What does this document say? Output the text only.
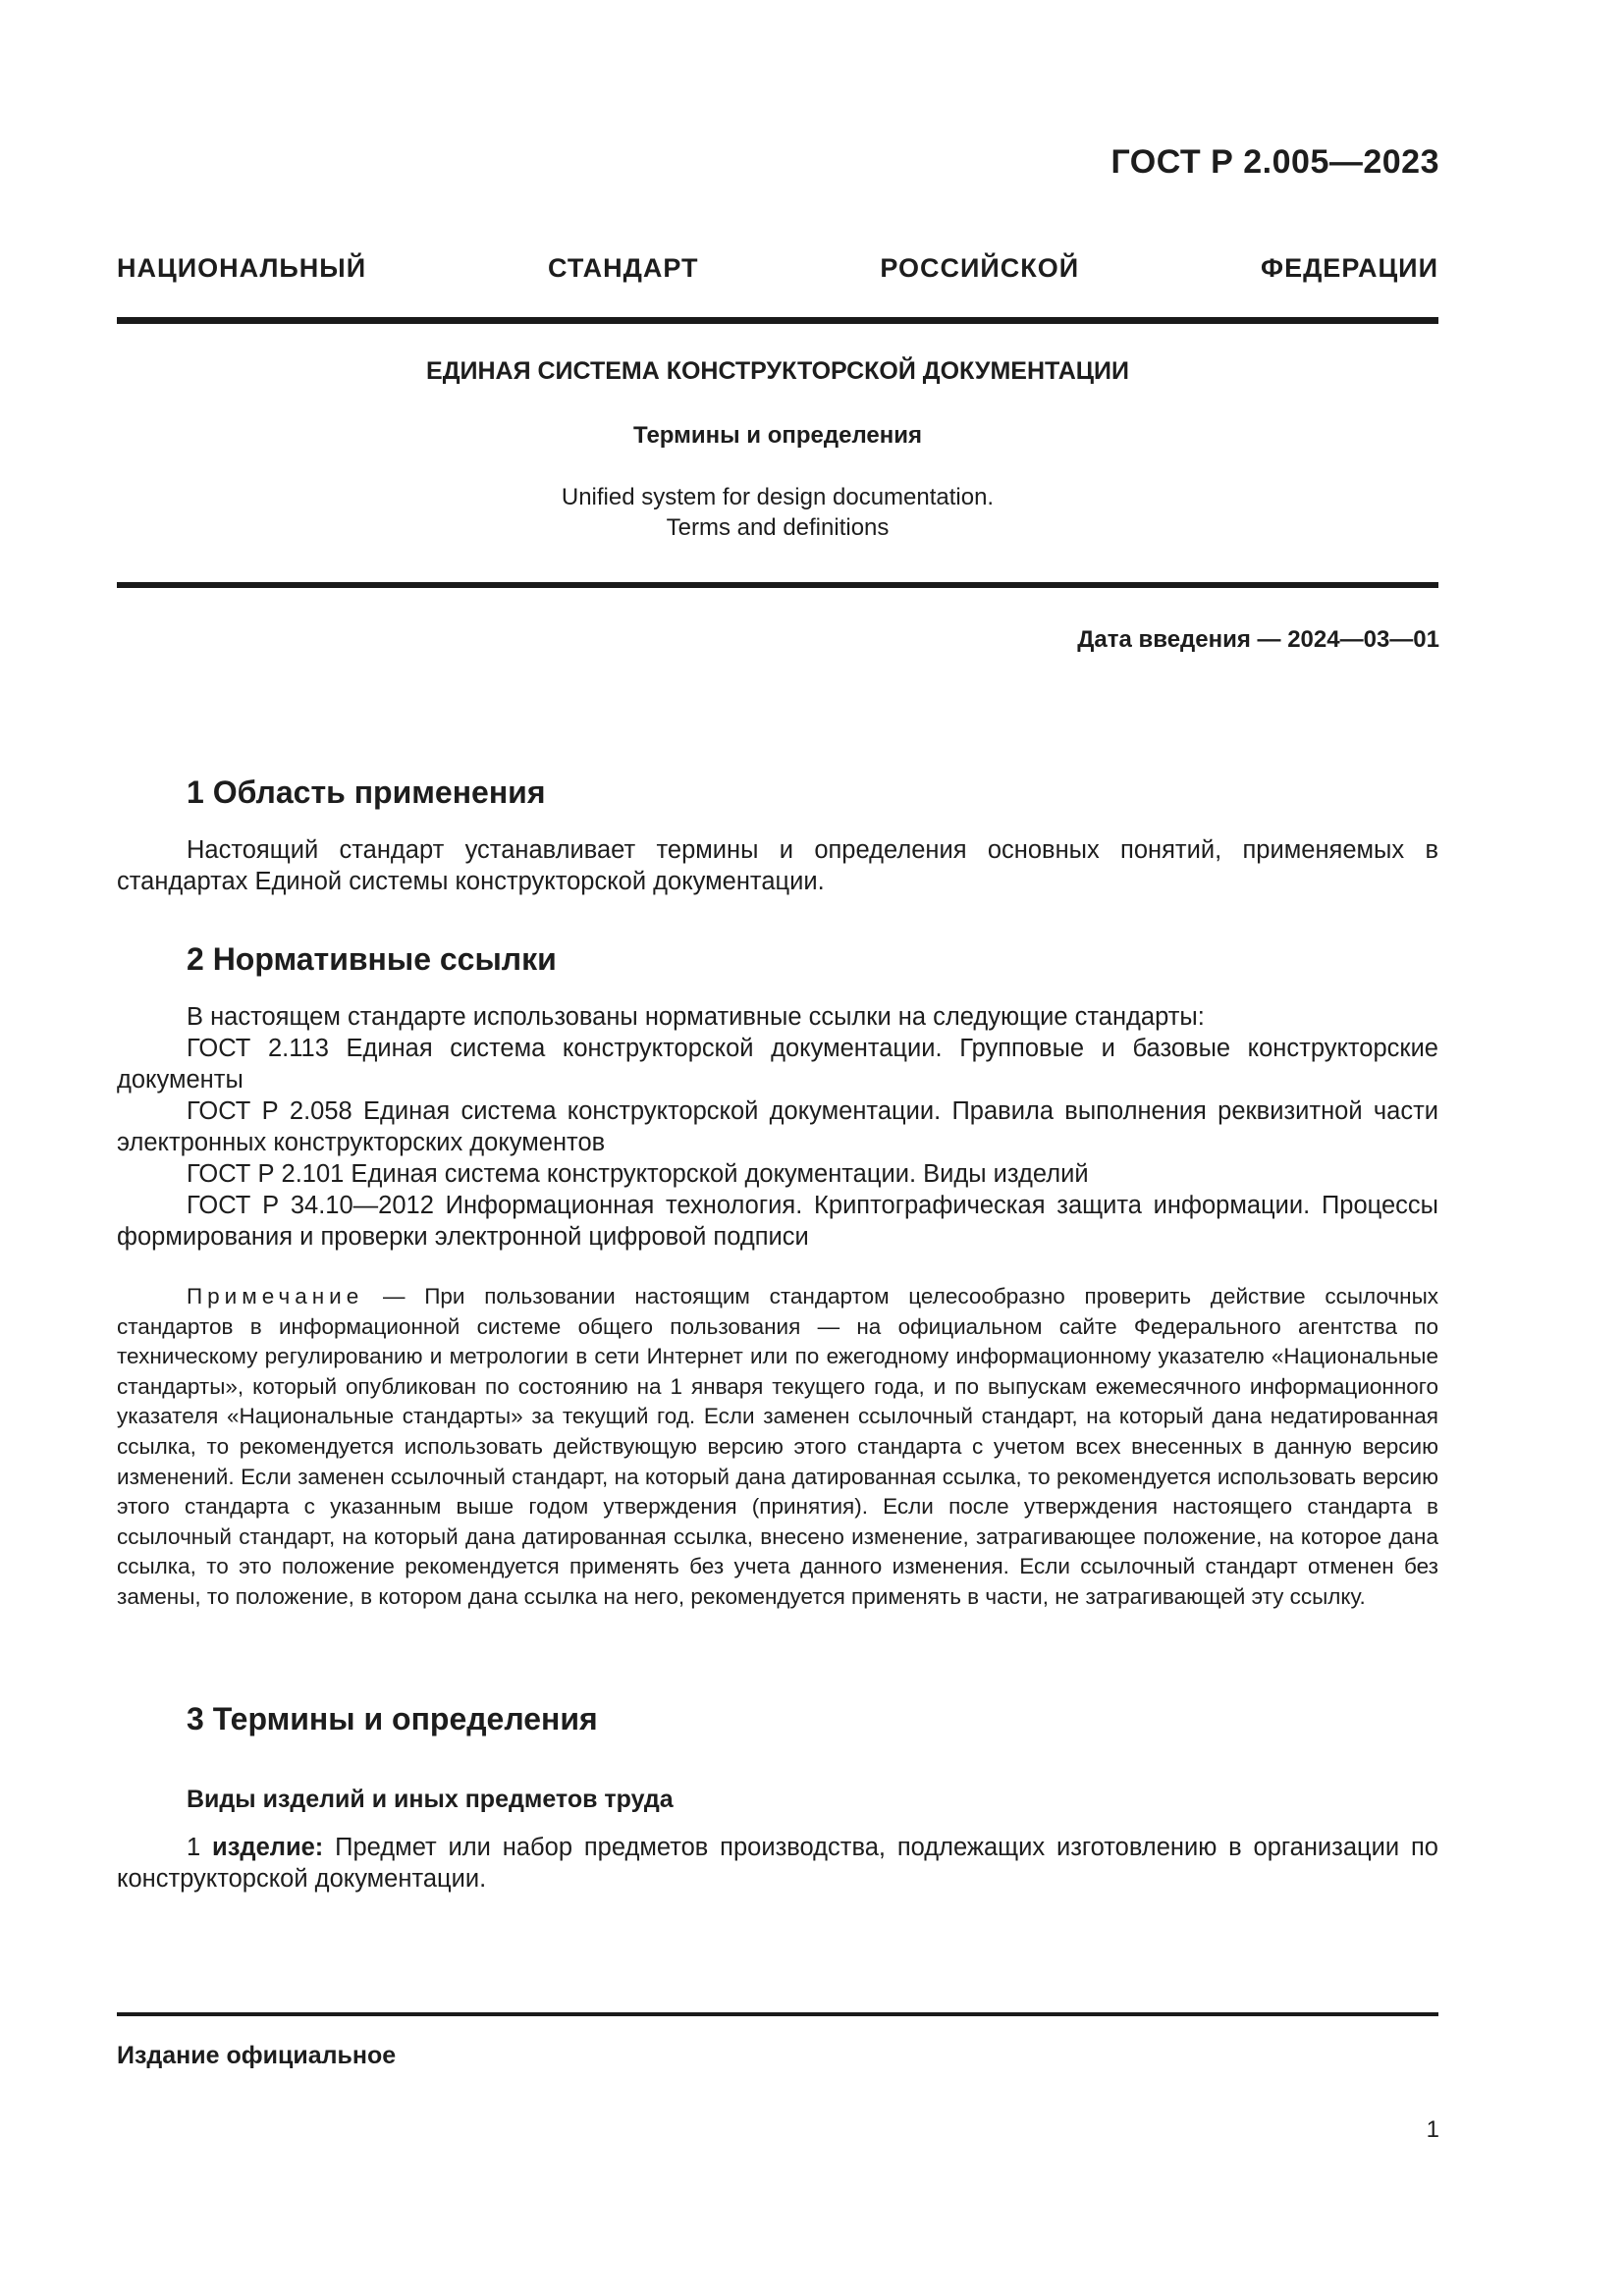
ГОСТ Р 2.005—2023
НАЦИОНАЛЬНЫЙ СТАНДАРТ РОССИЙСКОЙ ФЕДЕРАЦИИ
ЕДИНАЯ СИСТЕМА КОНСТРУКТОРСКОЙ ДОКУМЕНТАЦИИ
Термины и определения
Unified system for design documentation.
Terms and definitions
Дата введения — 2024—03—01
1 Область применения
Настоящий стандарт устанавливает термины и определения основных понятий, применяемых в стандартах Единой системы конструкторской документации.
2 Нормативные ссылки

В настоящем стандарте использованы нормативные ссылки на следующие стандарты:

ГОСТ 2.113 Единая система конструкторской документации. Групповые и базовые конструкторские документы

ГОСТ Р 2.058 Единая система конструкторской документации. Правила выполнения реквизитной части электронных конструкторских документов

ГОСТ Р 2.101 Единая система конструкторской документации. Виды изделий

ГОСТ Р 34.10—2012 Информационная технология. Криптографическая защита информации. Процессы формирования и проверки электронной цифровой подписи

Примечание — При пользовании настоящим стандартом целесообразно проверить действие ссылочных стандартов в информационной системе общего пользования — на официальном сайте Федерального агентства по техническому регулированию и метрологии в сети Интернет или по ежегодному информационному указателю «Национальные стандарты», который опубликован по состоянию на 1 января текущего года, и по выпускам ежемесячного информационного указателя «Национальные стандарты» за текущий год. Если заменен ссылочный стандарт, на который дана недатированная ссылка, то рекомендуется использовать действующую версию этого стандарта с учетом всех внесенных в данную версию изменений. Если заменен ссылочный стандарт, на который дана датированная ссылка, то рекомендуется использовать версию этого стандарта с указанным выше годом утверждения (принятия). Если после утверждения настоящего стандарта в ссылочный стандарт, на который дана датированная ссылка, внесено изменение, затрагивающее положение, на которое дана ссылка, то это положение рекомендуется применять без учета данного изменения. Если ссылочный стандарт отменен без замены, то положение, в котором дана ссылка на него, рекомендуется применять в части, не затрагивающей эту ссылку.
3 Термины и определения
Виды изделий и иных предметов труда
1 изделие: Предмет или набор предметов производства, подлежащих изготовлению в организации по конструкторской документации.
Издание официальное
1
